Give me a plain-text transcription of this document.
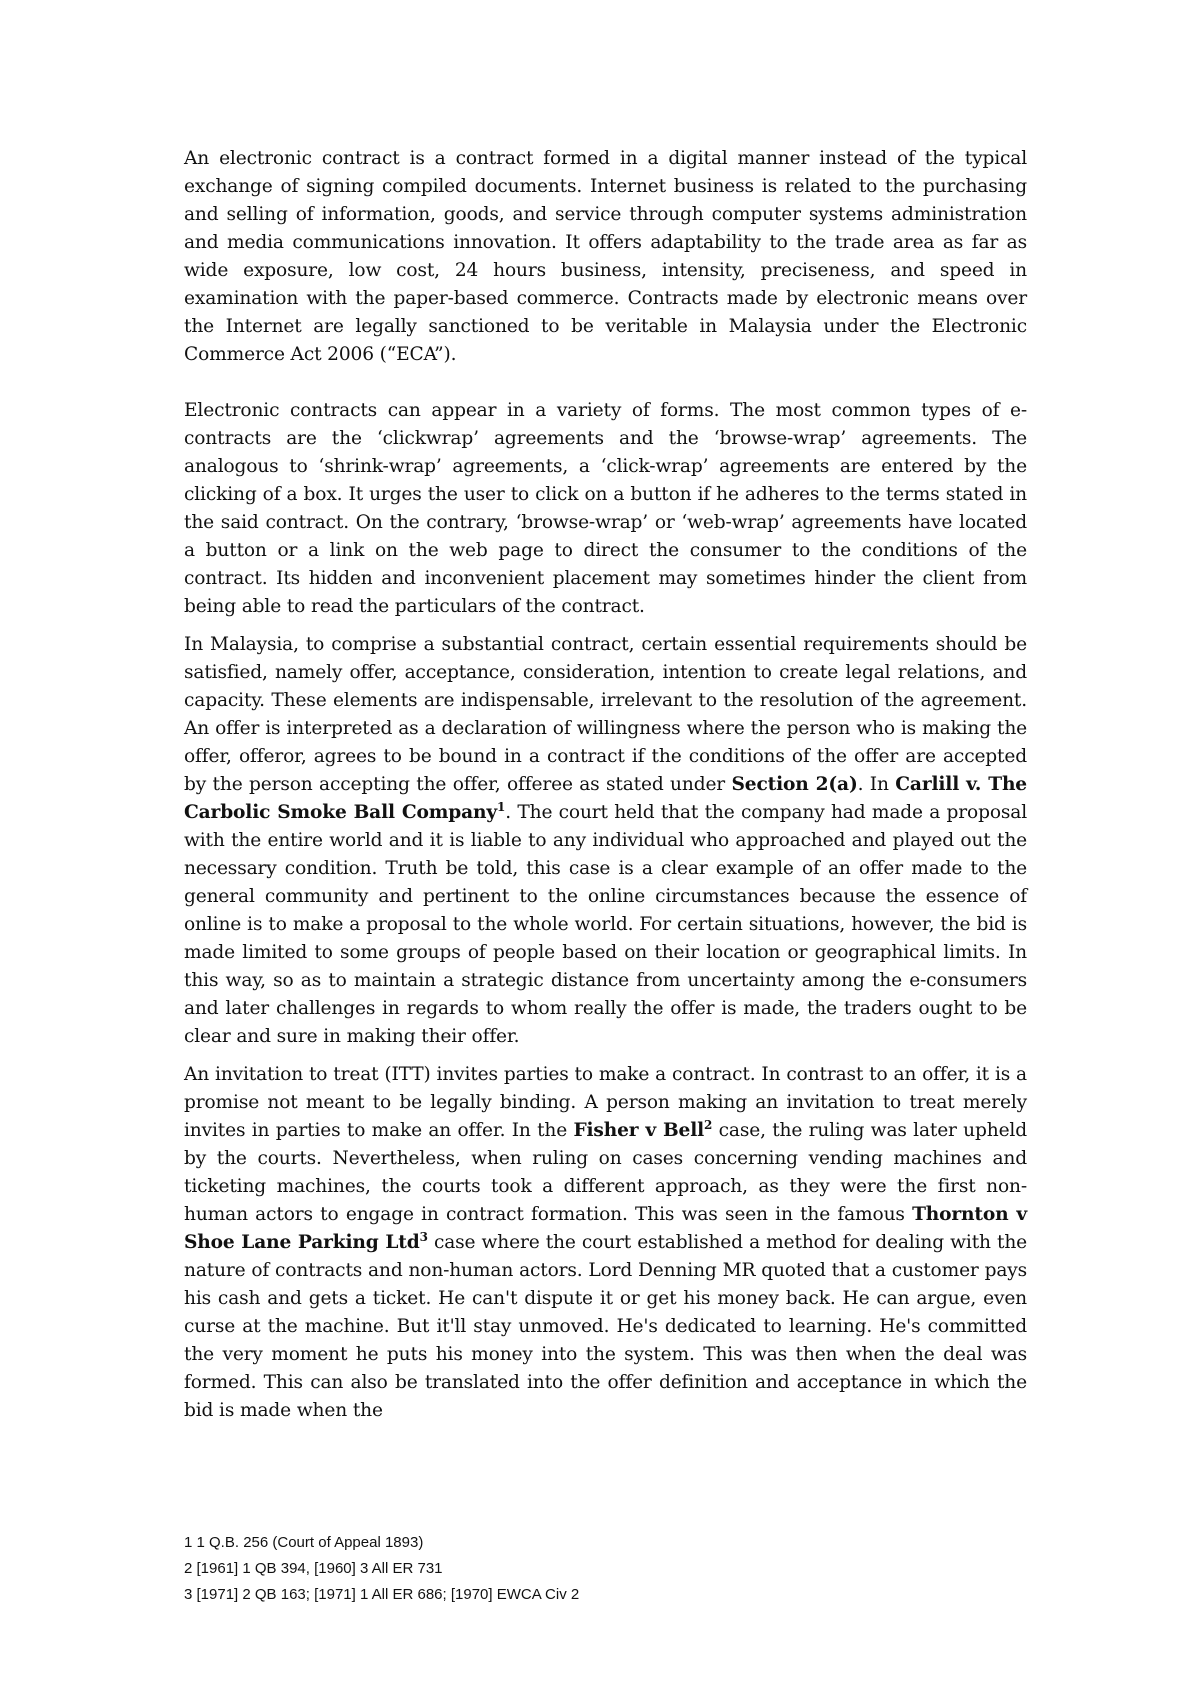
An electronic contract is a contract formed in a digital manner instead of the typical exchange of signing compiled documents. Internet business is related to the purchasing and selling of information, goods, and service through computer systems administration and media communications innovation. It offers adaptability to the trade area as far as wide exposure, low cost, 24 hours business, intensity, preciseness, and speed in examination with the paper-based commerce. Contracts made by electronic means over the Internet are legally sanctioned to be veritable in Malaysia under the Electronic Commerce Act 2006 (“ECA”).

Electronic contracts can appear in a variety of forms. The most common types of e-contracts are the ‘clickwrap’ agreements and the ‘browse-wrap’ agreements. The analogous to ‘shrink-wrap’ agreements, a ‘click-wrap’ agreements are entered by the clicking of a box. It urges the user to click on a button if he adheres to the terms stated in the said contract. On the contrary, ‘browse-wrap’ or ‘web-wrap’ agreements have located a button or a link on the web page to direct the consumer to the conditions of the contract. Its hidden and inconvenient placement may sometimes hinder the client from being able to read the particulars of the contract.

In Malaysia, to comprise a substantial contract, certain essential requirements should be satisfied, namely offer, acceptance, consideration, intention to create legal relations, and capacity. These elements are indispensable, irrelevant to the resolution of the agreement. An offer is interpreted as a declaration of willingness where the person who is making the offer, offeror, agrees to be bound in a contract if the conditions of the offer are accepted by the person accepting the offer, offeree as stated under Section 2(a). In Carlill v. The Carbolic Smoke Ball Company$^1$. The court held that the company had made a proposal with the entire world and it is liable to any individual who approached and played out the necessary condition. Truth be told, this case is a clear example of an offer made to the general community and pertinent to the online circumstances because the essence of online is to make a proposal to the whole world. For certain situations, however, the bid is made limited to some groups of people based on their location or geographical limits. In this way, so as to maintain a strategic distance from uncertainty among the e-consumers and later challenges in regards to whom really the offer is made, the traders ought to be clear and sure in making their offer.

An invitation to treat (ITT) invites parties to make a contract. In contrast to an offer, it is a promise not meant to be legally binding. A person making an invitation to treat merely invites in parties to make an offer. In the Fisher v Bell$^2$ case, the ruling was later upheld by the courts. Nevertheless, when ruling on cases concerning vending machines and ticketing machines, the courts took a different approach, as they were the first non-human actors to engage in contract formation. This was seen in the famous Thornton v Shoe Lane Parking Ltd$^3$ case where the court established a method for dealing with the nature of contracts and non-human actors. Lord Denning MR quoted that a customer pays his cash and gets a ticket. He can't dispute it or get his money back. He can argue, even curse at the machine. But it'll stay unmoved. He's dedicated to learning. He's committed the very moment he puts his money into the system. This was then when the deal was formed. This can also be translated into the offer definition and acceptance in which the bid is made when the

1 1 Q.B. 256 (Court of Appeal 1893)

2 [1961] 1 QB 394, [1960] 3 All ER 731

3 [1971] 2 QB 163; [1971] 1 All ER 686; [1970] EWCA Civ 2
